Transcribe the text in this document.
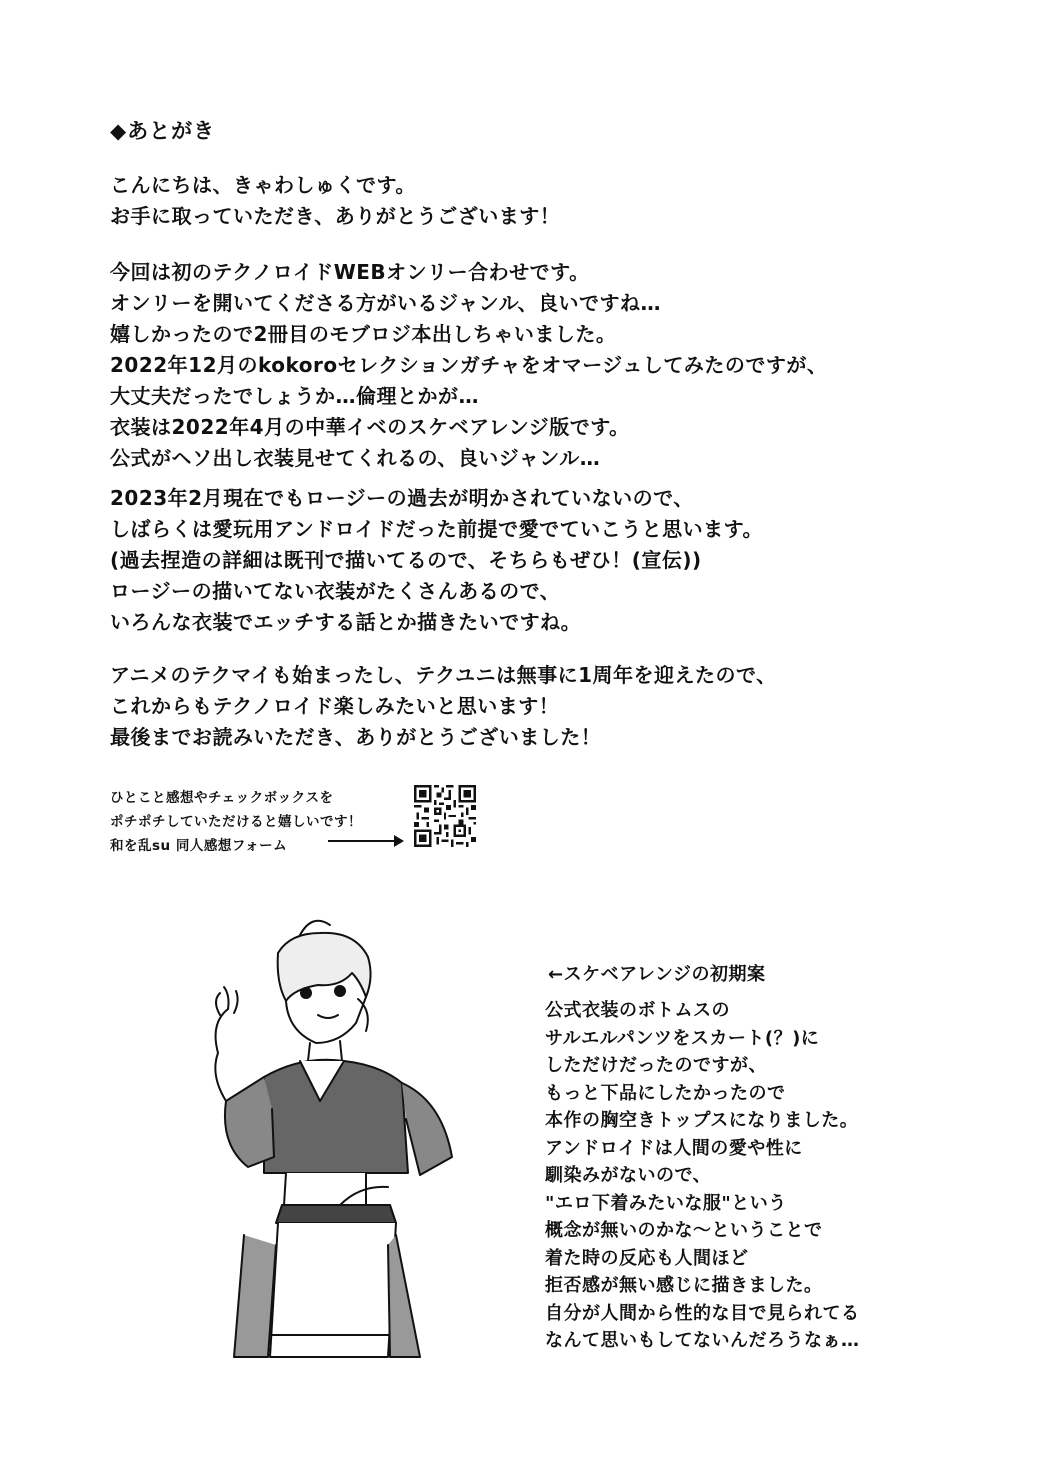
◆あとがき
こんにちは、きゃわしゅくです。
お手に取っていただき、ありがとうございます！
今回は初のテクノロイドWEBオンリー合わせです。
オンリーを開いてくださる方がいるジャンル、良いですね…
嬉しかったので2冊目のモブロジ本出しちゃいました。
2022年12月のkokoroセレクションガチャをオマージュしてみたのですが、
大丈夫だったでしょうか…倫理とかが…
衣装は2022年4月の中華イベのスケベアレンジ版です。
公式がヘソ出し衣装見せてくれるの、良いジャンル…
2023年2月現在でもロージーの過去が明かされていないので、
しばらくは愛玩用アンドロイドだった前提で愛でていこうと思います。
(過去捏造の詳細は既刊で描いてるので、そちらもぜひ！(宣伝))
ロージーの描いてない衣装がたくさんあるので、
いろんな衣装でエッチする話とか描きたいですね。
アニメのテクマイも始まったし、テクユニは無事に1周年を迎えたので、
これからもテクノロイド楽しみたいと思います！
最後までお読みいただき、ありがとうございました！
ひとこと感想やチェックボックスを
ポチポチしていただけると嬉しいです！
和を乱su 同人感想フォーム
←スケベアレンジの初期案
公式衣装のボトムスの
サルエルパンツをスカート(？)に
しただけだったのですが、
もっと下品にしたかったので
本作の胸空きトップスになりました。
アンドロイドは人間の愛や性に
馴染みがないので、
"エロ下着みたいな服"という
概念が無いのかな～ということで
着た時の反応も人間ほど
拒否感が無い感じに描きました。
自分が人間から性的な目で見られてる
なんて思いもしてないんだろうなぁ…
